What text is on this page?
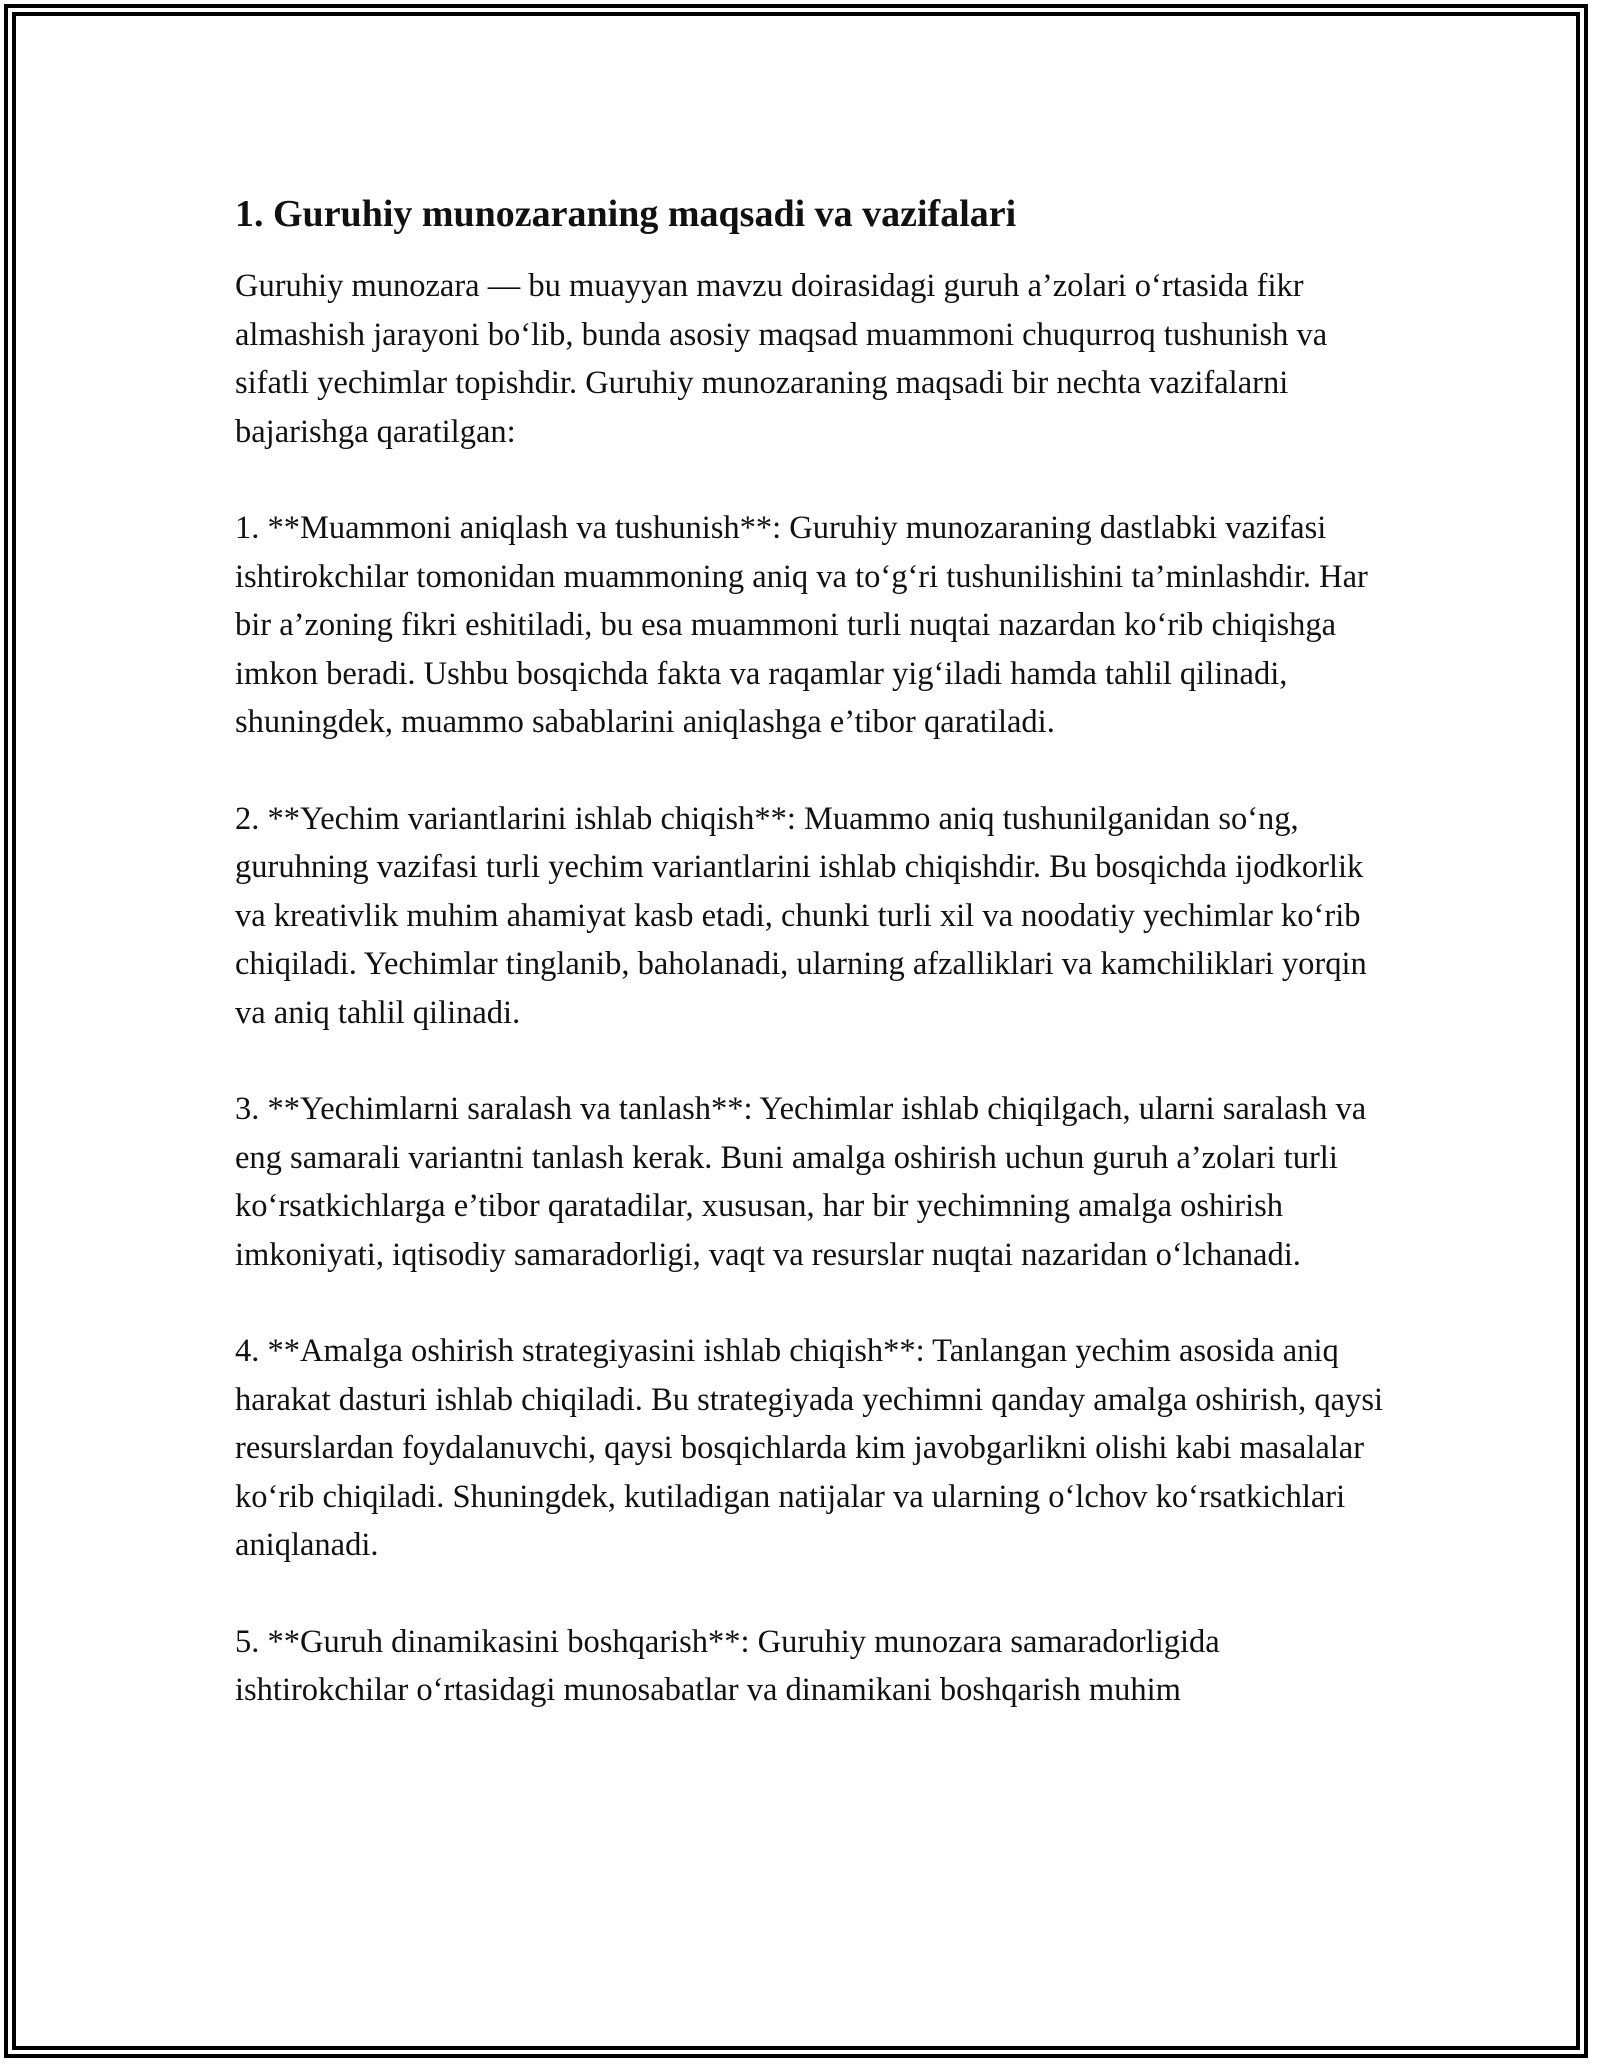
1. Guruhiy munozaraning maqsadi va vazifalari

Guruhiy munozara — bu muayyan mavzu doirasidagi guruh a’zolari o‘rtasida fikr almashish jarayoni bo‘lib, bunda asosiy maqsad muammoni chuqurroq tushunish va sifatli yechimlar topishdir. Guruhiy munozaraning maqsadi bir nechta vazifalarni bajarishga qaratilgan:

1. **Muammoni aniqlash va tushunish**: Guruhiy munozaraning dastlabki vazifasi ishtirokchilar tomonidan muammoning aniq va to‘g‘ri tushunilishini ta’minlashdir. Har bir a’zoning fikri eshitiladi, bu esa muammoni turli nuqtai nazardan ko‘rib chiqishga imkon beradi. Ushbu bosqichda fakta va raqamlar yig‘iladi hamda tahlil qilinadi, shuningdek, muammo sabablarini aniqlashga e’tibor qaratiladi.

2. **Yechim variantlarini ishlab chiqish**: Muammo aniq tushunilganidan so‘ng, guruhning vazifasi turli yechim variantlarini ishlab chiqishdir. Bu bosqichda ijodkorlik va kreativlik muhim ahamiyat kasb etadi, chunki turli xil va noodatiy yechimlar ko‘rib chiqiladi. Yechimlar tinglanib, baholanadi, ularning afzalliklari va kamchiliklari yorqin va aniq tahlil qilinadi.

3. **Yechimlarni saralash va tanlash**: Yechimlar ishlab chiqilgach, ularni saralash va eng samarali variantni tanlash kerak. Buni amalga oshirish uchun guruh a’zolari turli ko‘rsatkichlarga e’tibor qaratadilar, xususan, har bir yechimning amalga oshirish imkoniyati, iqtisodiy samaradorligi, vaqt va resurslar nuqtai nazaridan o‘lchanadi.

4. **Amalga oshirish strategiyasini ishlab chiqish**: Tanlangan yechim asosida aniq harakat dasturi ishlab chiqiladi. Bu strategiyada yechimni qanday amalga oshirish, qaysi resurslardan foydalanuvchi, qaysi bosqichlarda kim javobgarlikni olishi kabi masalalar ko‘rib chiqiladi. Shuningdek, kutiladigan natijalar va ularning o‘lchov ko‘rsatkichlari aniqlanadi.

5. **Guruh dinamikasini boshqarish**: Guruhiy munozara samaradorligida ishtirokchilar o‘rtasidagi munosabatlar va dinamikani boshqarish muhim
